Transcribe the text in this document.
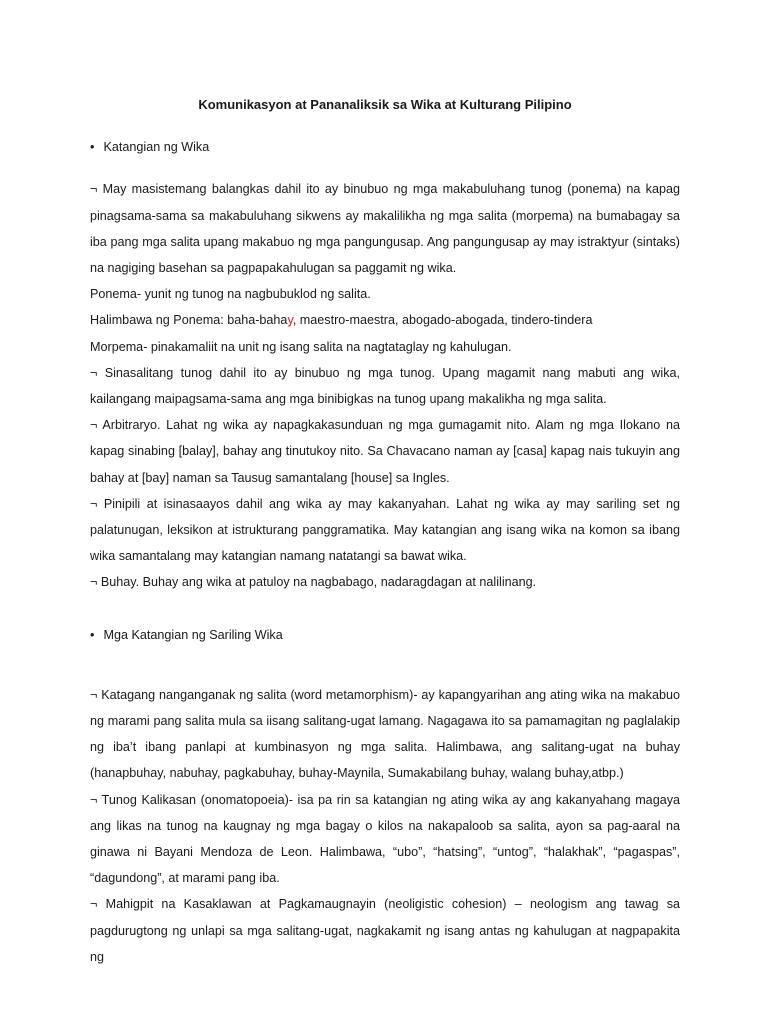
Komunikasyon at Pananaliksik sa Wika at Kulturang Pilipino

• Katangian ng Wika

¬ May masistemang balangkas dahil ito ay binubuo ng mga makabuluhang tunog (ponema) na kapag pinagsama-sama sa makabuluhang sikwens ay makalilikha ng mga salita (morpema) na bumabagay sa iba pang mga salita upang makabuo ng mga pangungusap. Ang pangungusap ay may istraktyur (sintaks) na nagiging basehan sa pagpapakahulugan sa paggamit ng wika.

Ponema- yunit ng tunog na nagbubuklod ng salita.

Halimbawa ng Ponema: baha-bahay, maestro-maestra, abogado-abogada, tindero-tindera

Morpema- pinakamaliit na unit ng isang salita na nagtataglay ng kahulugan.

¬ Sinasalitang tunog dahil ito ay binubuo ng mga tunog. Upang magamit nang mabuti ang wika, kailangang maipagsama-sama ang mga binibigkas na tunog upang makalikha ng mga salita.

¬ Arbitraryo. Lahat ng wika ay napagkakasunduan ng mga gumagamit nito. Alam ng mga Ilokano na kapag sinabing [balay], bahay ang tinutukoy nito. Sa Chavacano naman ay [casa] kapag nais tukuyin ang bahay at [bay] naman sa Tausug samantalang [house] sa Ingles.

¬ Pinipili at isinasaayos dahil ang wika ay may kakanyahan. Lahat ng wika ay may sariling set ng palatunugan, leksikon at istrukturang panggramatika. May katangian ang isang wika na komon sa ibang wika samantalang may katangian namang natatangi sa bawat wika.

¬ Buhay. Buhay ang wika at patuloy na nagbabago, nadaragdagan at nalilinang.

• Mga Katangian ng Sariling Wika

¬ Katagang nanganganak ng salita (word metamorphism)- ay kapangyarihan ang ating wika na makabuo ng marami pang salita mula sa iisang salitang-ugat lamang. Nagagawa ito sa pamamagitan ng paglalakip ng iba’t ibang panlapi at kumbinasyon ng mga salita. Halimbawa, ang salitang-ugat na buhay (hanapbuhay, nabuhay, pagkabuhay, buhay-Maynila, Sumakabilang buhay, walang buhay,atbp.)

¬ Tunog Kalikasan (onomatopoeia)- isa pa rin sa katangian ng ating wika ay ang kakanyahang magaya ang likas na tunog na kaugnay ng mga bagay o kilos na nakapaloob sa salita, ayon sa pag-aaral na ginawa ni Bayani Mendoza de Leon. Halimbawa, “ubo”, “hatsing”, “untog”, “halakhak”, “pagaspas”, “dagundong”, at marami pang iba.

¬ Mahigpit na Kasaklawan at Pagkamaugnayin (neoligistic cohesion) – neologism ang tawag sa pagdurugtong ng unlapi sa mga salitang-ugat, nagkakamit ng isang antas ng kahulugan at nagpapakita ng
